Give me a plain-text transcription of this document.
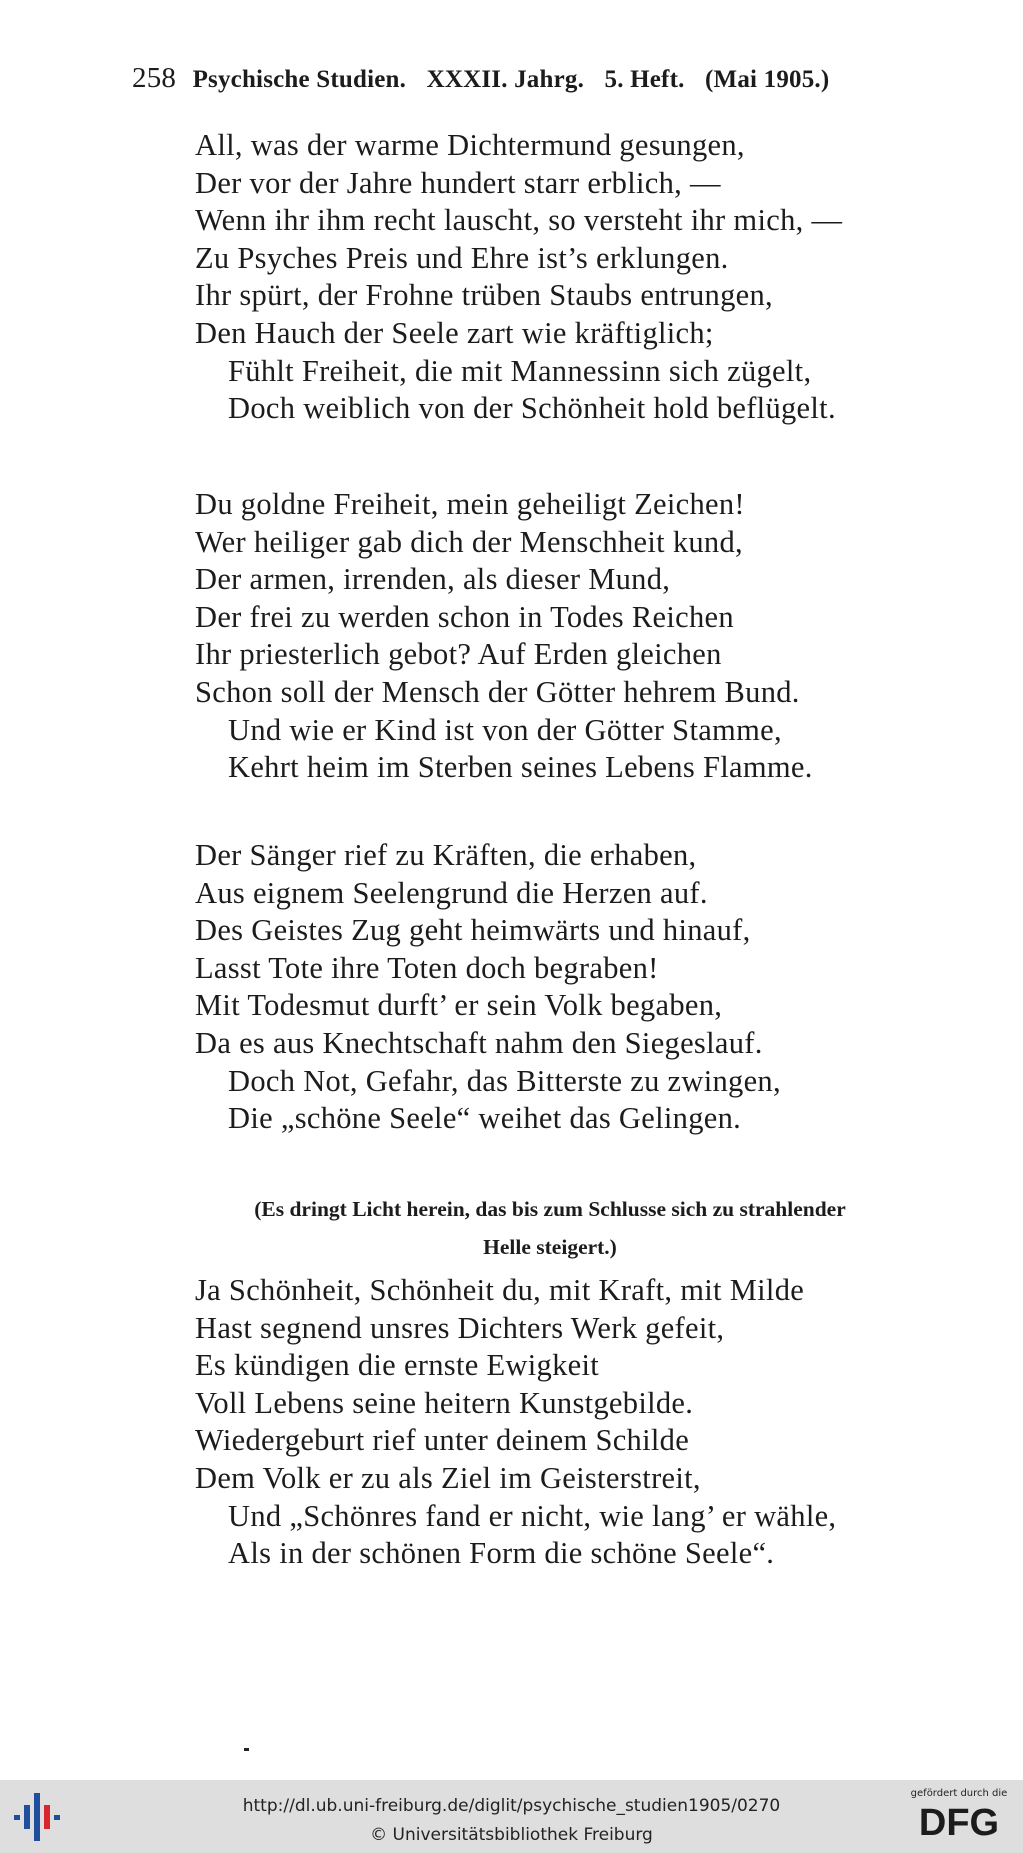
258 Psychische Studien. XXXII. Jahrg. 5. Heft. (Mai 1905.)
All, was der warme Dichtermund gesungen,
Der vor der Jahre hundert starr erblich, —
Wenn ihr ihm recht lauscht, so versteht ihr mich, —
Zu Psyches Preis und Ehre ist’s erklungen.
Ihr spürt, der Frohne trüben Staubs entrungen,
Den Hauch der Seele zart wie kräftiglich;
Fühlt Freiheit, die mit Mannessinn sich zügelt,
Doch weiblich von der Schönheit hold beflügelt.
Du goldne Freiheit, mein geheiligt Zeichen!
Wer heiliger gab dich der Menschheit kund,
Der armen, irrenden, als dieser Mund,
Der frei zu werden schon in Todes Reichen
Ihr priesterlich gebot? Auf Erden gleichen
Schon soll der Mensch der Götter hehrem Bund.
Und wie er Kind ist von der Götter Stamme,
Kehrt heim im Sterben seines Lebens Flamme.
Der Sänger rief zu Kräften, die erhaben,
Aus eignem Seelengrund die Herzen auf.
Des Geistes Zug geht heimwärts und hinauf,
Lasst Tote ihre Toten doch begraben!
Mit Todesmut durft’ er sein Volk begaben,
Da es aus Knechtschaft nahm den Siegeslauf.
Doch Not, Gefahr, das Bitterste zu zwingen,
Die „schöne Seele“ weihet das Gelingen.
(Es dringt Licht herein, das bis zum Schlusse sich zu strahlender
Helle steigert.)
Ja Schönheit, Schönheit du, mit Kraft, mit Milde
Hast segnend unsres Dichters Werk gefeit,
Es kündigen die ernste Ewigkeit
Voll Lebens seine heitern Kunstgebilde.
Wiedergeburt rief unter deinem Schilde
Dem Volk er zu als Ziel im Geisterstreit,
Und „Schönres fand er nicht, wie lang’ er wähle,
Als in der schönen Form die schöne Seele“.
http://dl.ub.uni-freiburg.de/diglit/psychische_studien1905/0270
© Universitätsbibliothek Freiburg
gefördert durch die
DFG
